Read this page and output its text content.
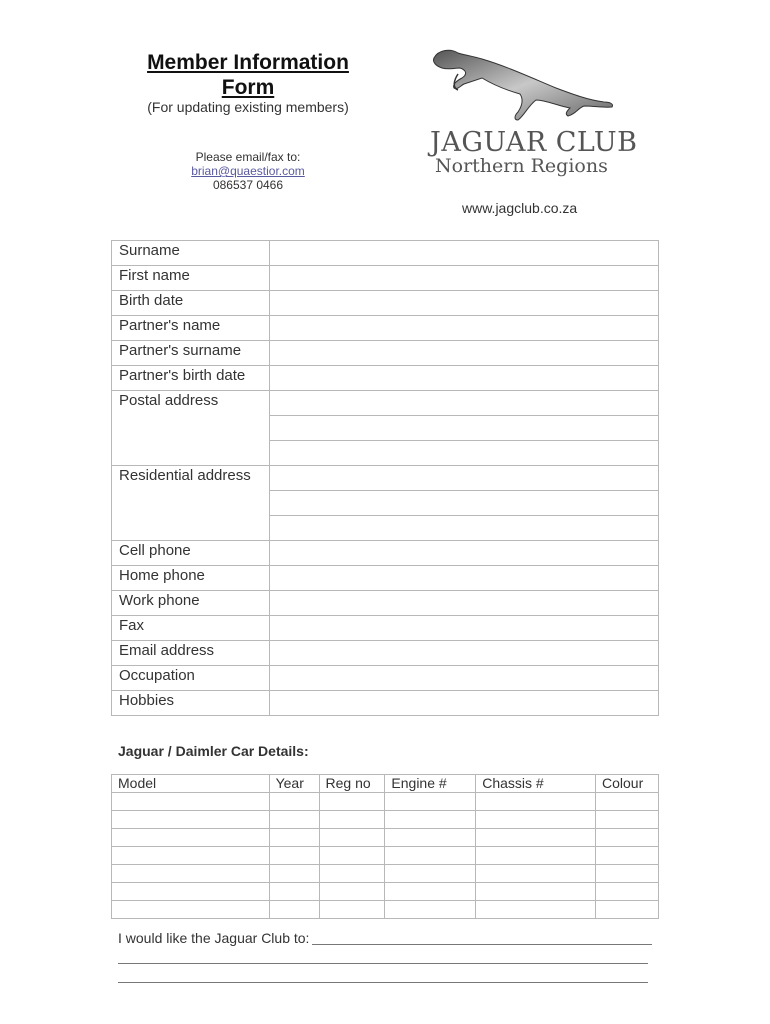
Member Information
Form
(For updating existing members)
Please email/fax to:
brian@quaestior.com
086537 0466
JAGUAR CLUB
Northern Regions
www.jagclub.co.za
Surname	
First name	
Birth date	
Partner's name	
Partner's surname	
Partner's birth date	
Postal address	

Residential address	

Cell phone	
Home phone	
Work phone	
Fax	
Email address	
Occupation	
Hobbies	
Jaguar / Daimler Car Details:
Model	Year	Reg no	Engine #	Chassis #	Colour

I would like the Jaguar Club to:
